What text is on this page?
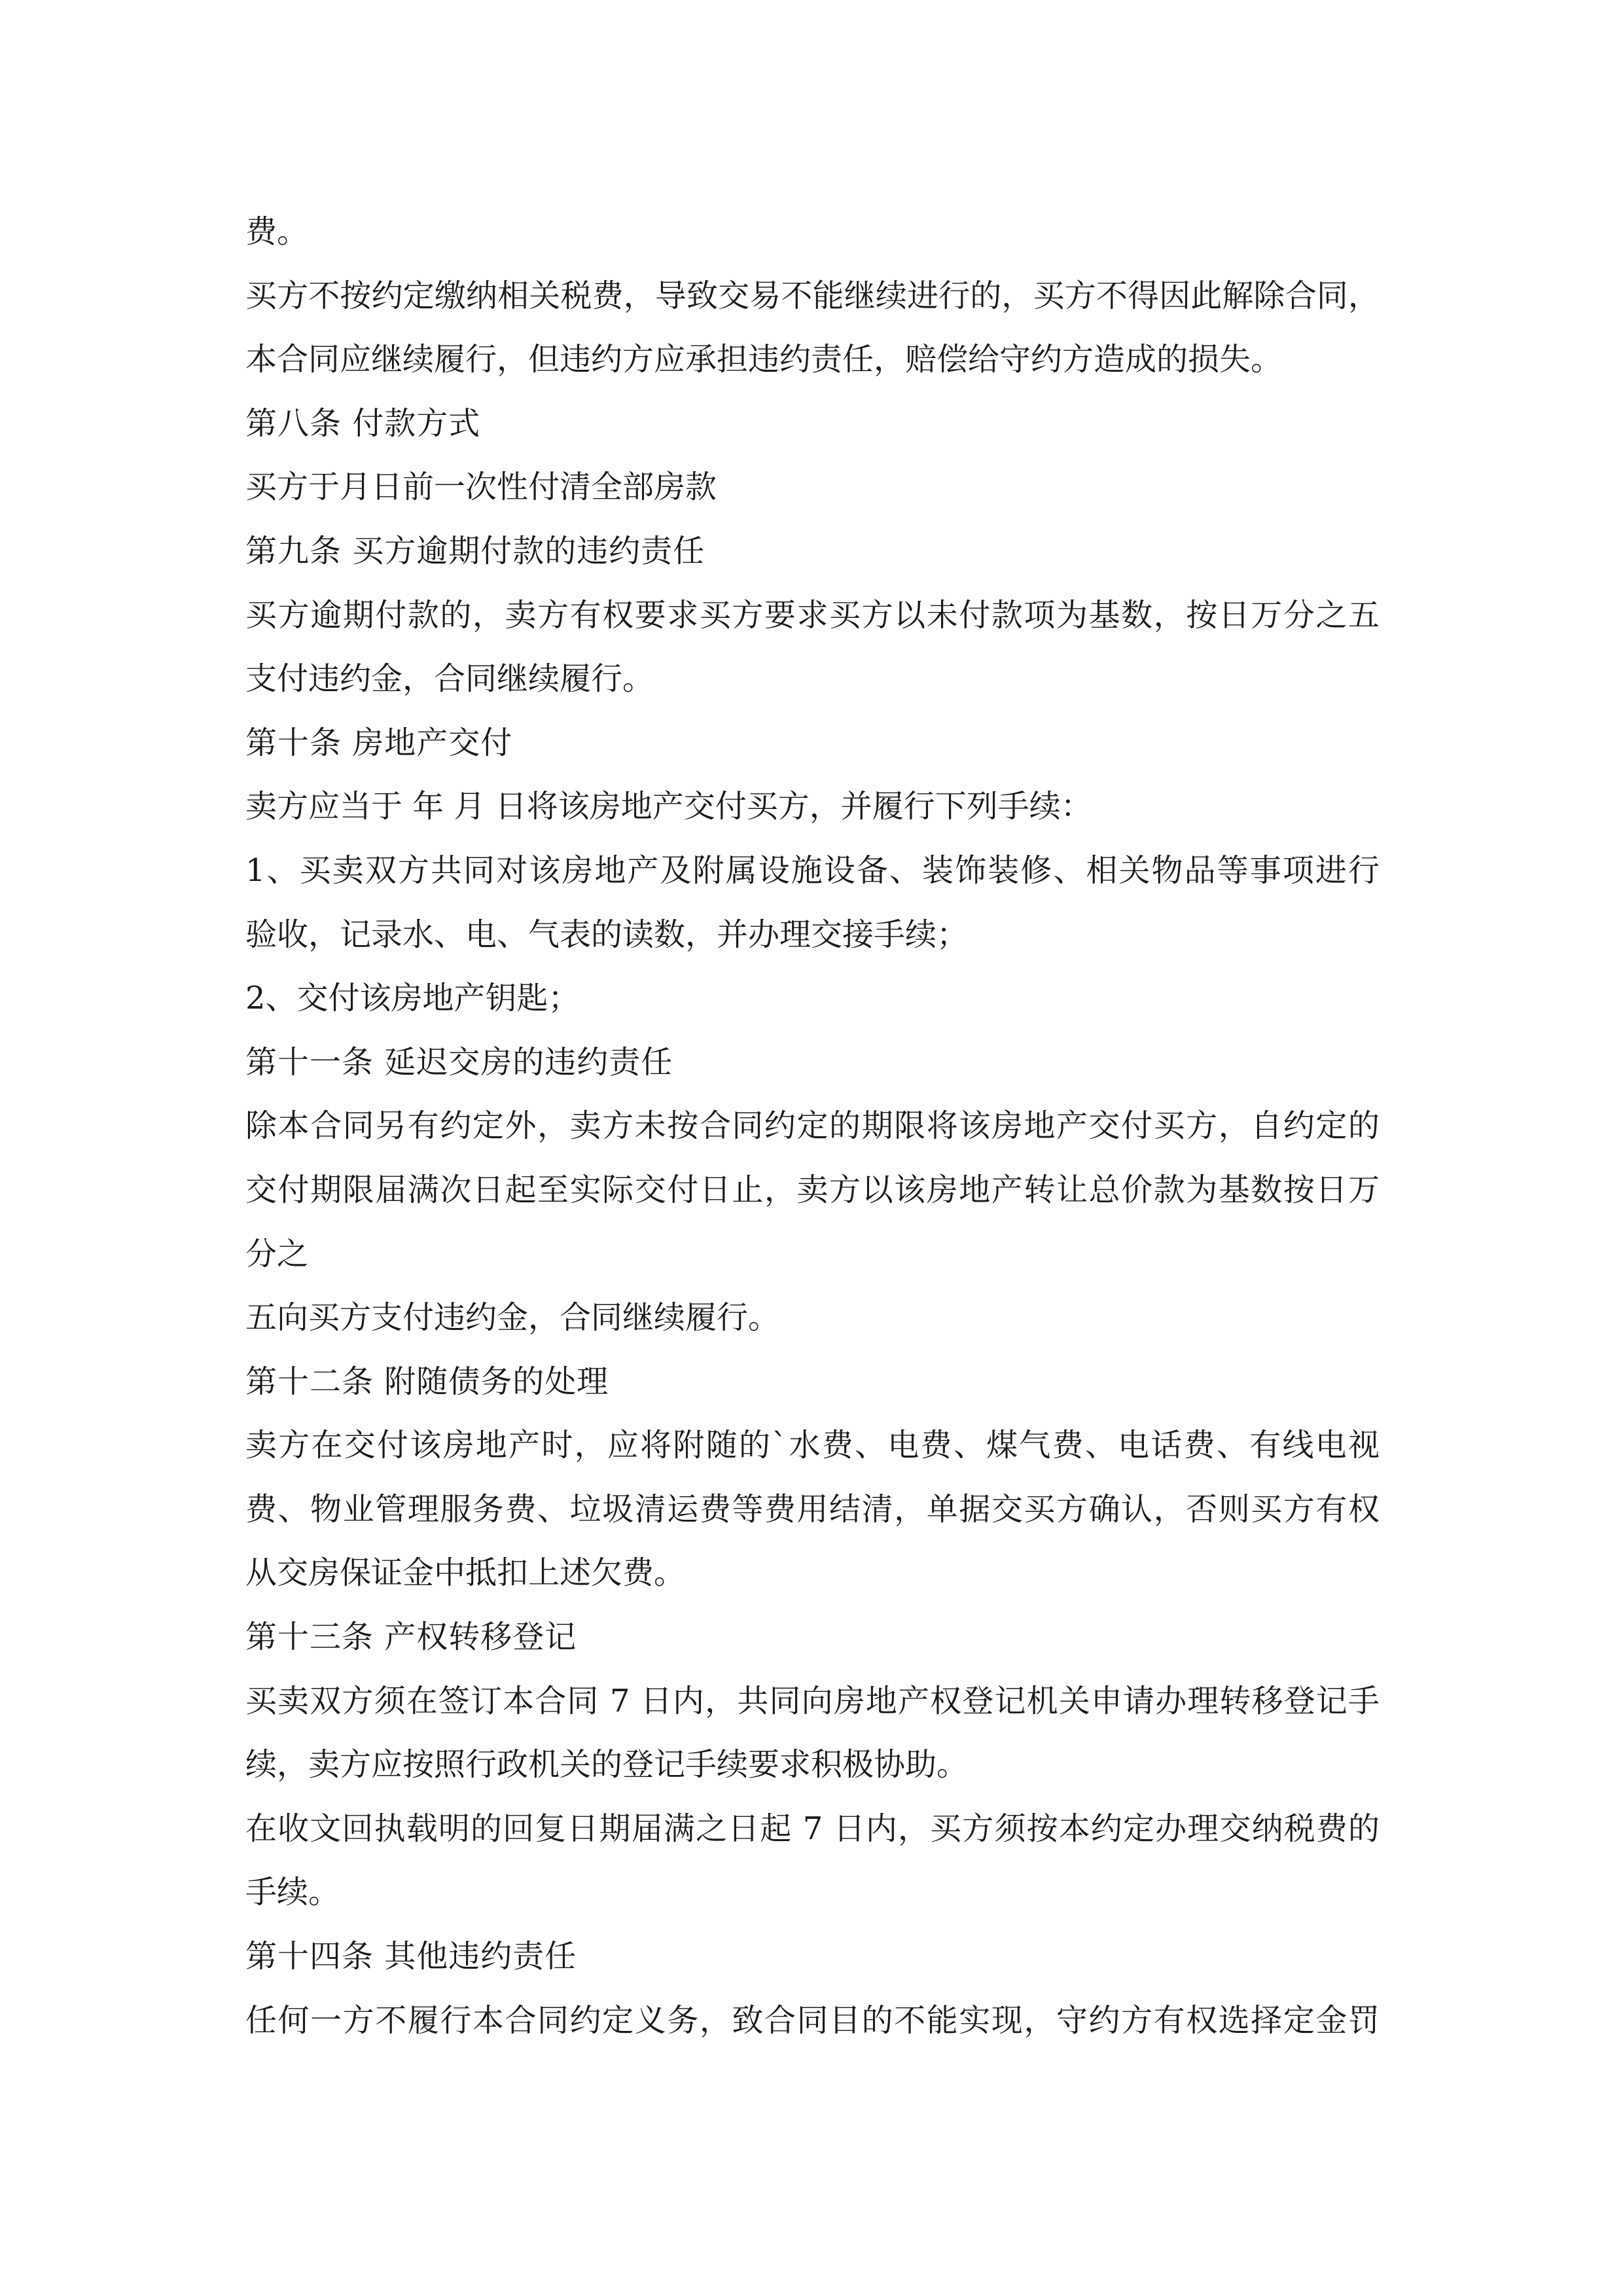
费。
买方不按约定缴纳相关税费，导致交易不能继续进行的，买方不得因此解除合同，
本合同应继续履行，但违约方应承担违约责任，赔偿给守约方造成的损失。
第八条 付款方式
买方于月日前一次性付清全部房款
第九条 买方逾期付款的违约责任
买方逾期付款的，卖方有权要求买方要求买方以未付款项为基数，按日万分之五
支付违约金，合同继续履行。
第十条 房地产交付
卖方应当于 年 月 日将该房地产交付买方，并履行下列手续：
1、买卖双方共同对该房地产及附属设施设备、装饰装修、相关物品等事项进行
验收，记录水、电、气表的读数，并办理交接手续；
2、交付该房地产钥匙；
第十一条 延迟交房的违约责任
除本合同另有约定外，卖方未按合同约定的期限将该房地产交付买方，自约定的
交付期限届满次日起至实际交付日止，卖方以该房地产转让总价款为基数按日万
分之
五向买方支付违约金，合同继续履行。
第十二条 附随债务的处理
卖方在交付该房地产时，应将附随的`水费、电费、煤气费、电话费、有线电视
费、物业管理服务费、垃圾清运费等费用结清，单据交买方确认，否则买方有权
从交房保证金中抵扣上述欠费。
第十三条 产权转移登记
买卖双方须在签订本合同 7 日内，共同向房地产权登记机关申请办理转移登记手
续，卖方应按照行政机关的登记手续要求积极协助。
在收文回执载明的回复日期届满之日起 7 日内，买方须按本约定办理交纳税费的
手续。
第十四条 其他违约责任
任何一方不履行本合同约定义务，致合同目的不能实现，守约方有权选择定金罚
